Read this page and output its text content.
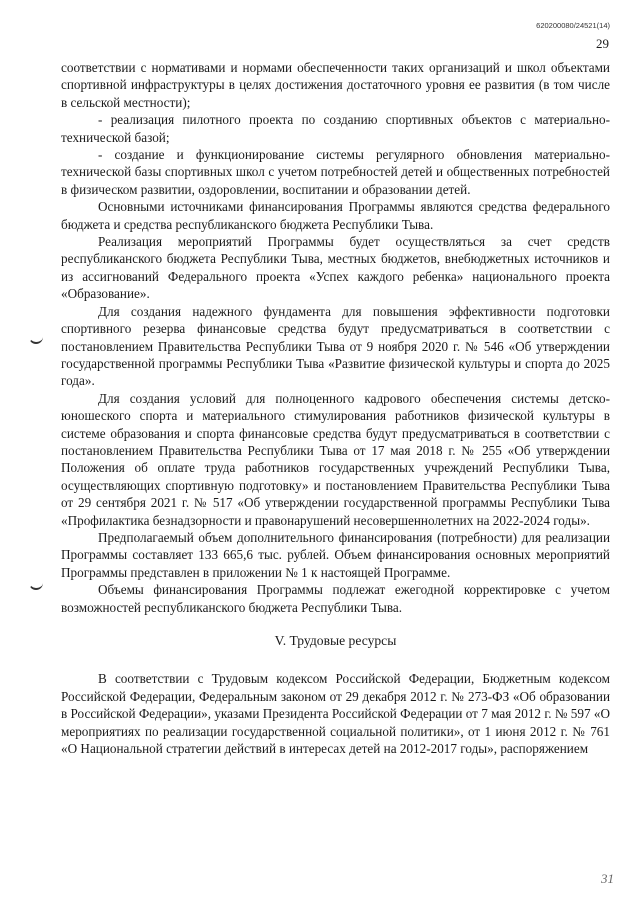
620200080/24521(14)
29

соответствии с нормативами и нормами обеспеченности таких организаций и школ объектами спортивной инфраструктуры в целях достижения достаточного уровня ее развития (в том числе в сельской местности);

- реализация пилотного проекта по созданию спортивных объектов с материально-технической базой;

- создание и функционирование системы регулярного обновления материально-технической базы спортивных школ с учетом потребностей детей и общественных потребностей в физическом развитии, оздоровлении, воспитании и образовании детей.

Основными источниками финансирования Программы являются средства федерального бюджета и средства республиканского бюджета Республики Тыва.

Реализация мероприятий Программы будет осуществляться за счет средств республиканского бюджета Республики Тыва, местных бюджетов, внебюджетных источников и из ассигнований Федерального проекта «Успех каждого ребенка» национального проекта «Образование».

Для создания надежного фундамента для повышения эффективности подготовки спортивного резерва финансовые средства будут предусматриваться в соответствии с постановлением Правительства Республики Тыва от 9 ноября 2020 г. № 546 «Об утверждении государственной программы Республики Тыва «Развитие физической культуры и спорта до 2025 года».

Для создания условий для полноценного кадрового обеспечения системы детско-юношеского спорта и материального стимулирования работников физической культуры в системе образования и спорта финансовые средства будут предусматриваться в соответствии с постановлением Правительства Республики Тыва от 17 мая 2018 г. № 255 «Об утверждении Положения об оплате труда работников государственных учреждений Республики Тыва, осуществляющих спортивную подготовку» и постановлением Правительства Республики Тыва от 29 сентября 2021 г. № 517 «Об утверждении государственной программы Республики Тыва «Профилактика безнадзорности и правонарушений несовершеннолетних на 2022-2024 годы».

Предполагаемый объем дополнительного финансирования (потребности) для реализации Программы составляет 133 665,6 тыс. рублей. Объем финансирования основных мероприятий Программы представлен в приложении № 1 к настоящей Программе.

Объемы финансирования Программы подлежат ежегодной корректировке с учетом возможностей республиканского бюджета Республики Тыва.

V. Трудовые ресурсы

В соответствии с Трудовым кодексом Российской Федерации, Бюджетным кодексом Российской Федерации, Федеральным законом от 29 декабря 2012 г. № 273-ФЗ «Об образовании в Российской Федерации», указами Президента Российской Федерации от 7 мая 2012 г. № 597 «О мероприятиях по реализации государственной социальной политики», от 1 июня 2012 г. № 761 «О Национальной стратегии действий в интересах детей на 2012-2017 годы», распоряжением

31
